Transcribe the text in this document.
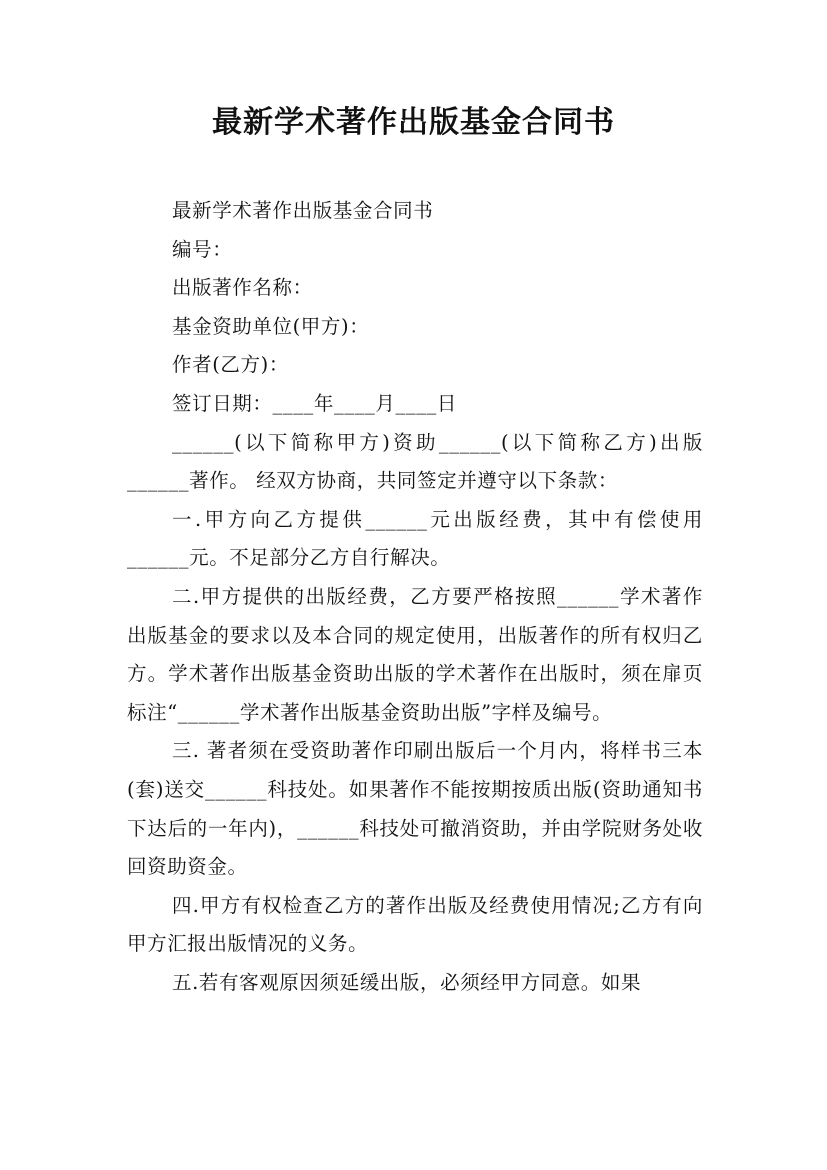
最新学术著作出版基金合同书

最新学术著作出版基金合同书

编号：

出版著作名称：

基金资助单位(甲方)：

作者(乙方)：

签订日期：____年____月____日

______(以下简称甲方)资助______(以下简称乙方)出版______著作。 经双方协商，共同签定并遵守以下条款：

一.甲方向乙方提供______元出版经费，其中有偿使用______元。不足部分乙方自行解决。

二.甲方提供的出版经费，乙方要严格按照______学术著作出版基金的要求以及本合同的规定使用，出版著作的所有权归乙方。学术著作出版基金资助出版的学术著作在出版时，须在扉页标注“______学术著作出版基金资助出版”字样及编号。

三. 著者须在受资助著作印刷出版后一个月内，将样书三本(套)送交______科技处。如果著作不能按期按质出版(资助通知书下达后的一年内)，______科技处可撤消资助，并由学院财务处收回资助资金。

四.甲方有权检查乙方的著作出版及经费使用情况;乙方有向甲方汇报出版情况的义务。

五.若有客观原因须延缓出版，必须经甲方同意。如果
